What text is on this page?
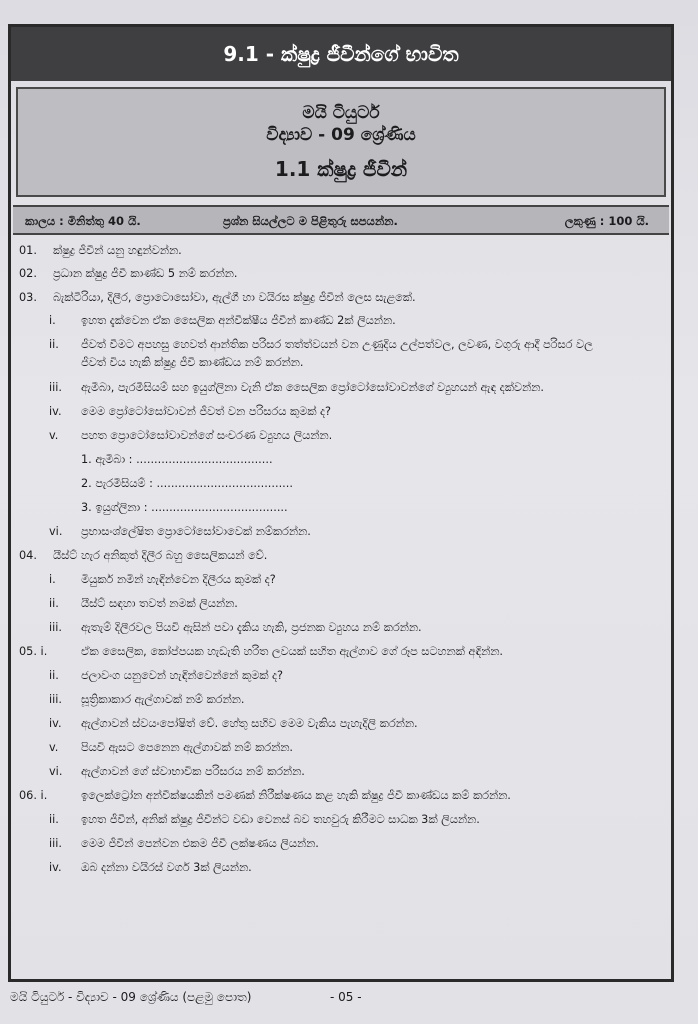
9.1 - ක්ෂුද්‍ර ජීවීන්ගේ භාවිත
මයි ටියුටර්
විද්‍යාව - 09 ශ්‍රේණිය
1.1 ක්ෂුද්‍ර ජීවීන්
කාලය : මිනිත්තු 40 යි.	ප්‍රශ්න සියල්ලට ම පිළිතුරු සපයන්න.	ලකුණු : 100 යි.
01. ක්ෂුද්‍ර ජීවීන් යනු හඳුන්වන්න.
02. ප්‍රධාන ක්ෂුද්‍ර ජීවී කාණ්ඩ 5 නම් කරන්න.
03. බැක්ටීරියා, දිලීර, ප්‍රොටොසෝවා, ඇල්ගී හා වයිරස ක්ෂුද්‍ර ජීවීන් ලෙස සැළකේ.
i. ඉහත දැක්වෙන ඒක සෛලික අන්වීක්ෂීය ජීවීන් කාණ්ඩ 2ක් ලියන්න.
ii. ජීවත් වීමට අපහසු හෙවත් ආන්තික පරිසර තත්ත්වයන් වන උණුදිය උල්පත්වල, ලවණ, වගුරු ආදී පරිසර වල
ජීවත් විය හැකි ක්ෂුද්‍ර ජීවී කාණ්ඩය නම් කරන්න.
iii. ඇමීබා, පැරමීසියම් සහ ඉයුග්ලිනා වැනි ඒක සෛලික ප්‍රෝටෝසෝවාවන්ගේ ව්‍යුහයන් ඇඳ දක්වන්න.
iv. මෙම ප්‍රෝටෝසෝවාවන් ජීවත් වන පරිසරය කුමක් ද?
v. පහත ප්‍රොටෝසෝවාවන්ගේ සංචරණ ව්‍යුහය ලියන්න.
1. ඇමීබා : ......................................
2. පැරමීසියම් : ......................................
3. ඉයුග්ලිනා : ......................................
vi. ප්‍රභාසංශ්ලේෂිත ප්‍රොටෝසෝවාවෙක් නම්කරන්න.
04. යීස්ට් හැර අනිකුත් දිලීර බහු සෛලිකයන් වේ.
i. මියුකර් නමින් හැඳින්වෙන දිලීරය කුමක් ද?
ii. යීස්ට් සඳහා තවත් නමක් ලියන්න.
iii. ඇතැම් දිලීරවල පියවි ඇසින් පවා දැකිය හැකි, ප්‍රජනක ව්‍යුහය නම් කරන්න.
05. i.	ඒක සෛලික, කෝප්පයක හැඩැති හරිත ලවයක් සහිත ඇල්ගාව ගේ රූප සටහනක් අඳින්න.
ii. ජලාවංග යනුවෙන් හැඳින්වෙන්නේ කුමක් ද?
iii. සූත්‍රිකාකාර ඇල්ගාවක් නම් කරන්න.
iv. ඇල්ගාවන් ස්වයංපෝෂිත් වේ. හේතු සහිව මෙම වැකිය පැහැදිලි කරන්න.
v. පියවි ඇසට පෙනෙන ඇල්ගාවක් නම් කරන්න.
vi. ඇල්ගාවන් ගේ ස්වාභාවික පරිසරය නම් කරන්න.
06. i.	ඉලෙක්ට්‍රෝන අන්වීක්ෂයකින් පමණක් නිරීක්ෂණය කළ හැකි ක්ෂුද්‍ර ජීවී කාණ්ඩය කම් කරන්න.
ii. ඉහත ජීවීන්, අනික් ක්ෂුද්‍ර ජීවීන්ට වඩා වෙනස් බව තහවුරු කිරීමට සාධක 3ක් ලියන්න.
iii. මෙම ජීවීන් පෙන්වන එකම ජීවී ලක්ෂණය ලියන්න.
iv. ඔබ දන්නා වයිරස් වර්ග 3ක් ලියන්න.
මයි ටියුටර් - විද්‍යාව - 09 ශ්‍රේණිය (පළමු පොත)	- 05 -
